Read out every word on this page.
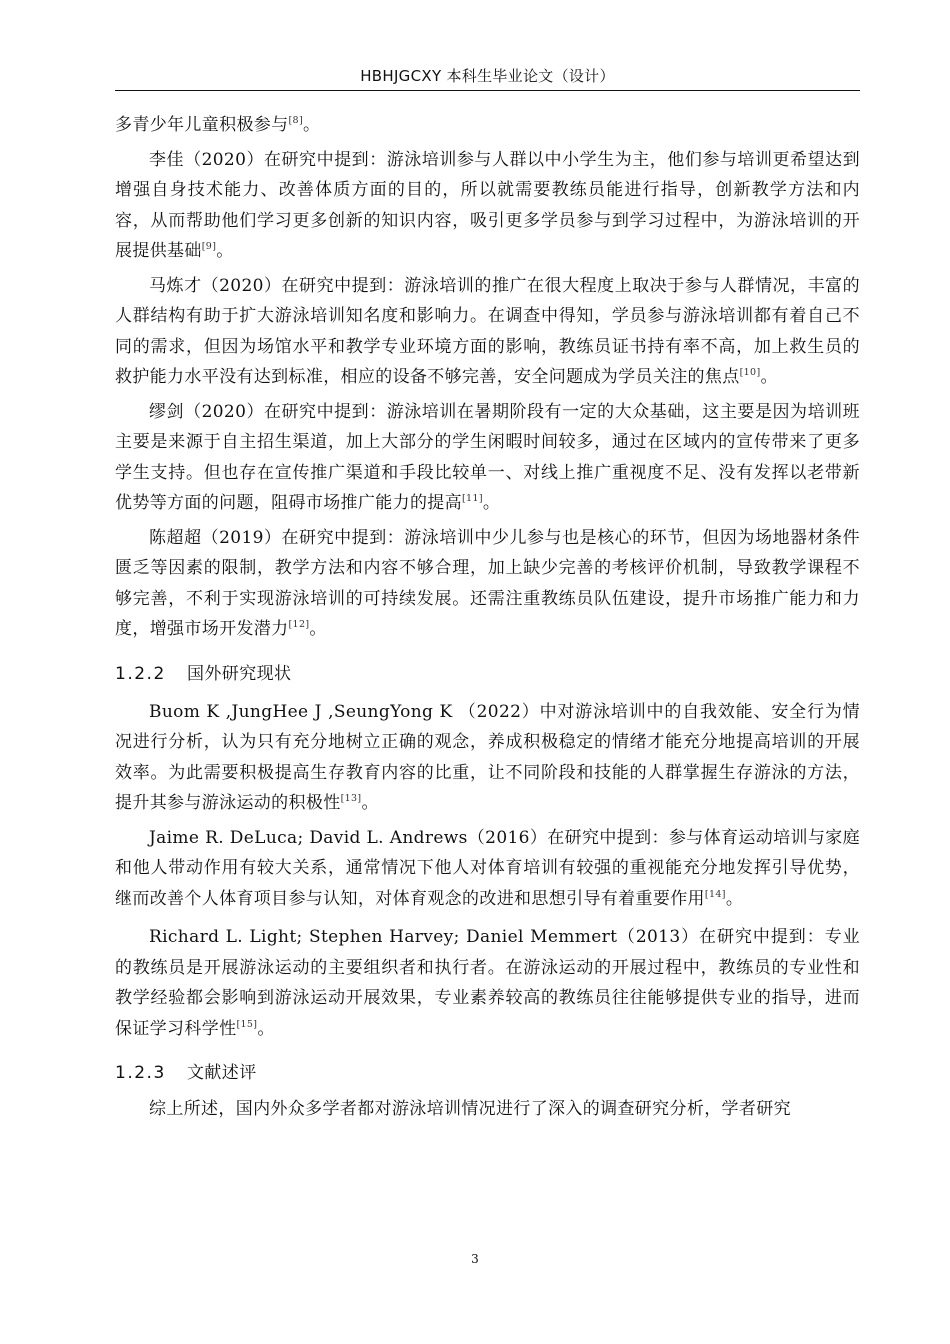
HBHJGCXY 本科生毕业论文（设计）

多青少年儿童积极参与[8]。

李佳（2020）在研究中提到：游泳培训参与人群以中小学生为主，他们参与培训更希望达到增强自身技术能力、改善体质方面的目的，所以就需要教练员能进行指导，创新教学方法和内容，从而帮助他们学习更多创新的知识内容，吸引更多学员参与到学习过程中，为游泳培训的开展提供基础[9]。

马炼才（2020）在研究中提到：游泳培训的推广在很大程度上取决于参与人群情况，丰富的人群结构有助于扩大游泳培训知名度和影响力。在调查中得知，学员参与游泳培训都有着自己不同的需求，但因为场馆水平和教学专业环境方面的影响，教练员证书持有率不高，加上救生员的救护能力水平没有达到标准，相应的设备不够完善，安全问题成为学员关注的焦点[10]。

缪剑（2020）在研究中提到：游泳培训在暑期阶段有一定的大众基础，这主要是因为培训班主要是来源于自主招生渠道，加上大部分的学生闲暇时间较多，通过在区域内的宣传带来了更多学生支持。但也存在宣传推广渠道和手段比较单一、对线上推广重视度不足、没有发挥以老带新优势等方面的问题，阻碍市场推广能力的提高[11]。

陈超超（2019）在研究中提到：游泳培训中少儿参与也是核心的环节，但因为场地器材条件匮乏等因素的限制，教学方法和内容不够合理，加上缺少完善的考核评价机制，导致教学课程不够完善，不利于实现游泳培训的可持续发展。还需注重教练员队伍建设，提升市场推广能力和力度，增强市场开发潜力[12]。

1.2.2 国外研究现状

Buom K ,JungHee J ,SeungYong K （2022）中对游泳培训中的自我效能、安全行为情况进行分析，认为只有充分地树立正确的观念，养成积极稳定的情绪才能充分地提高培训的开展效率。为此需要积极提高生存教育内容的比重，让不同阶段和技能的人群掌握生存游泳的方法，提升其参与游泳运动的积极性[13]。

Jaime R. DeLuca; David L. Andrews（2016）在研究中提到：参与体育运动培训与家庭和他人带动作用有较大关系，通常情况下他人对体育培训有较强的重视能充分地发挥引导优势，继而改善个人体育项目参与认知，对体育观念的改进和思想引导有着重要作用[14]。

Richard L. Light; Stephen Harvey; Daniel Memmert（2013）在研究中提到：专业的教练员是开展游泳运动的主要组织者和执行者。在游泳运动的开展过程中，教练员的专业性和教学经验都会影响到游泳运动开展效果，专业素养较高的教练员往往能够提供专业的指导，进而保证学习科学性[15]。

1.2.3 文献述评

综上所述，国内外众多学者都对游泳培训情况进行了深入的调查研究分析，学者研究

3
